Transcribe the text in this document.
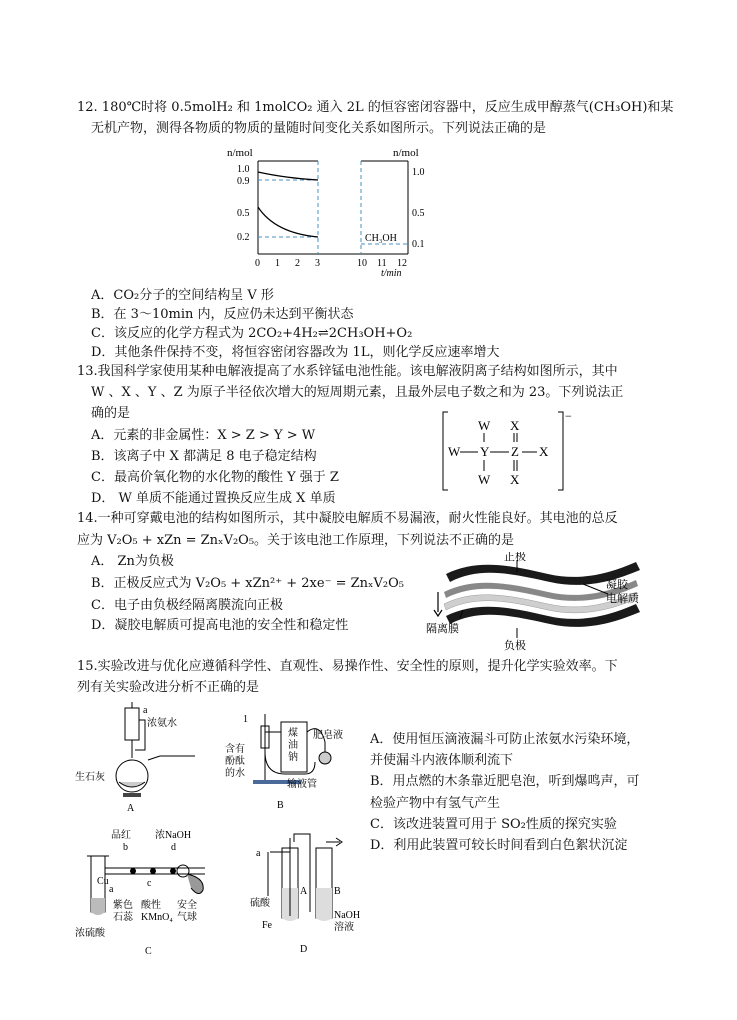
12. 180℃时将 0.5molH₂ 和 1molCO₂ 通入 2L 的恒容密闭容器中，反应生成甲醇蒸气(CH₃OH)和某
无机产物，测得各物质的物质的量随时间变化关系如图所示。下列说法正确的是
n/mol	n/mol
1.0
0.9
0.5
0.2
1.0
0.5
0.1
0 1 2 3	10 11 12
t/min
CH₃OH
A．CO₂分子的空间结构呈 V 形
B．在 3～10min 内，反应仍未达到平衡状态
C．该反应的化学方程式为 2CO₂+4H₂⇌2CH₃OH+O₂
D．其他条件保持不变，将恒容密闭容器改为 1L，则化学反应速率增大
13.我国科学家使用某种电解液提高了水系锌锰电池性能。该电解液阴离子结构如图所示，其中
W 、X 、Y 、Z 为原子半径依次增大的短周期元素，且最外层电子数之和为 23。下列说法正
确的是
A．元素的非金属性：X > Z > Y > W
B．该离子中 X 都满足 8 电子稳定结构
C．最高价氧化物的水化物的酸性 Y 强于 Z
D． W 单质不能通过置换反应生成 X 单质
−
W X
W Y Z X
W X
14.一种可穿戴电池的结构如图所示，其中凝胶电解质不易漏液，耐火性能良好。其电池的总反
应为 V₂O₅ + xZn = ZnₓV₂O₅。关于该电池工作原理，下列说法不正确的是
A． Zn为负极
B．正极反应式为 V₂O₅ + xZn²⁺ + 2xe⁻ = ZnₓV₂O₅
C．电子由负极经隔离膜流向正极
D．凝胶电解质可提高电池的安全性和稳定性
正极
凝胶
电解质
隔离膜
负极
15.实验改进与优化应遵循科学性、直观性、易操作性、安全性的原则，提升化学实验效率。下
列有关实验改进分析不正确的是
A．使用恒压滴液漏斗可防止浓氨水污染环境，
并使漏斗内液体顺利流下
B．用点燃的木条靠近肥皂泡，听到爆鸣声，可
检验产物中有氢气产生
C．该改进装置可用于 SO₂性质的探究实验
D．利用此装置可较长时间看到白色絮状沉淀
a
浓氨水
生石灰
A
1
煤
油
钠
含有
酚酞
的水
肥皂液
输液管
B
品红
b
浓NaOH
d
Cu
a
c
紫色
石蕊
酸性
KMnO₄
安全
气球
浓硫酸
C
a
A	B
硫酸
Fe
NaOH
溶液
D
